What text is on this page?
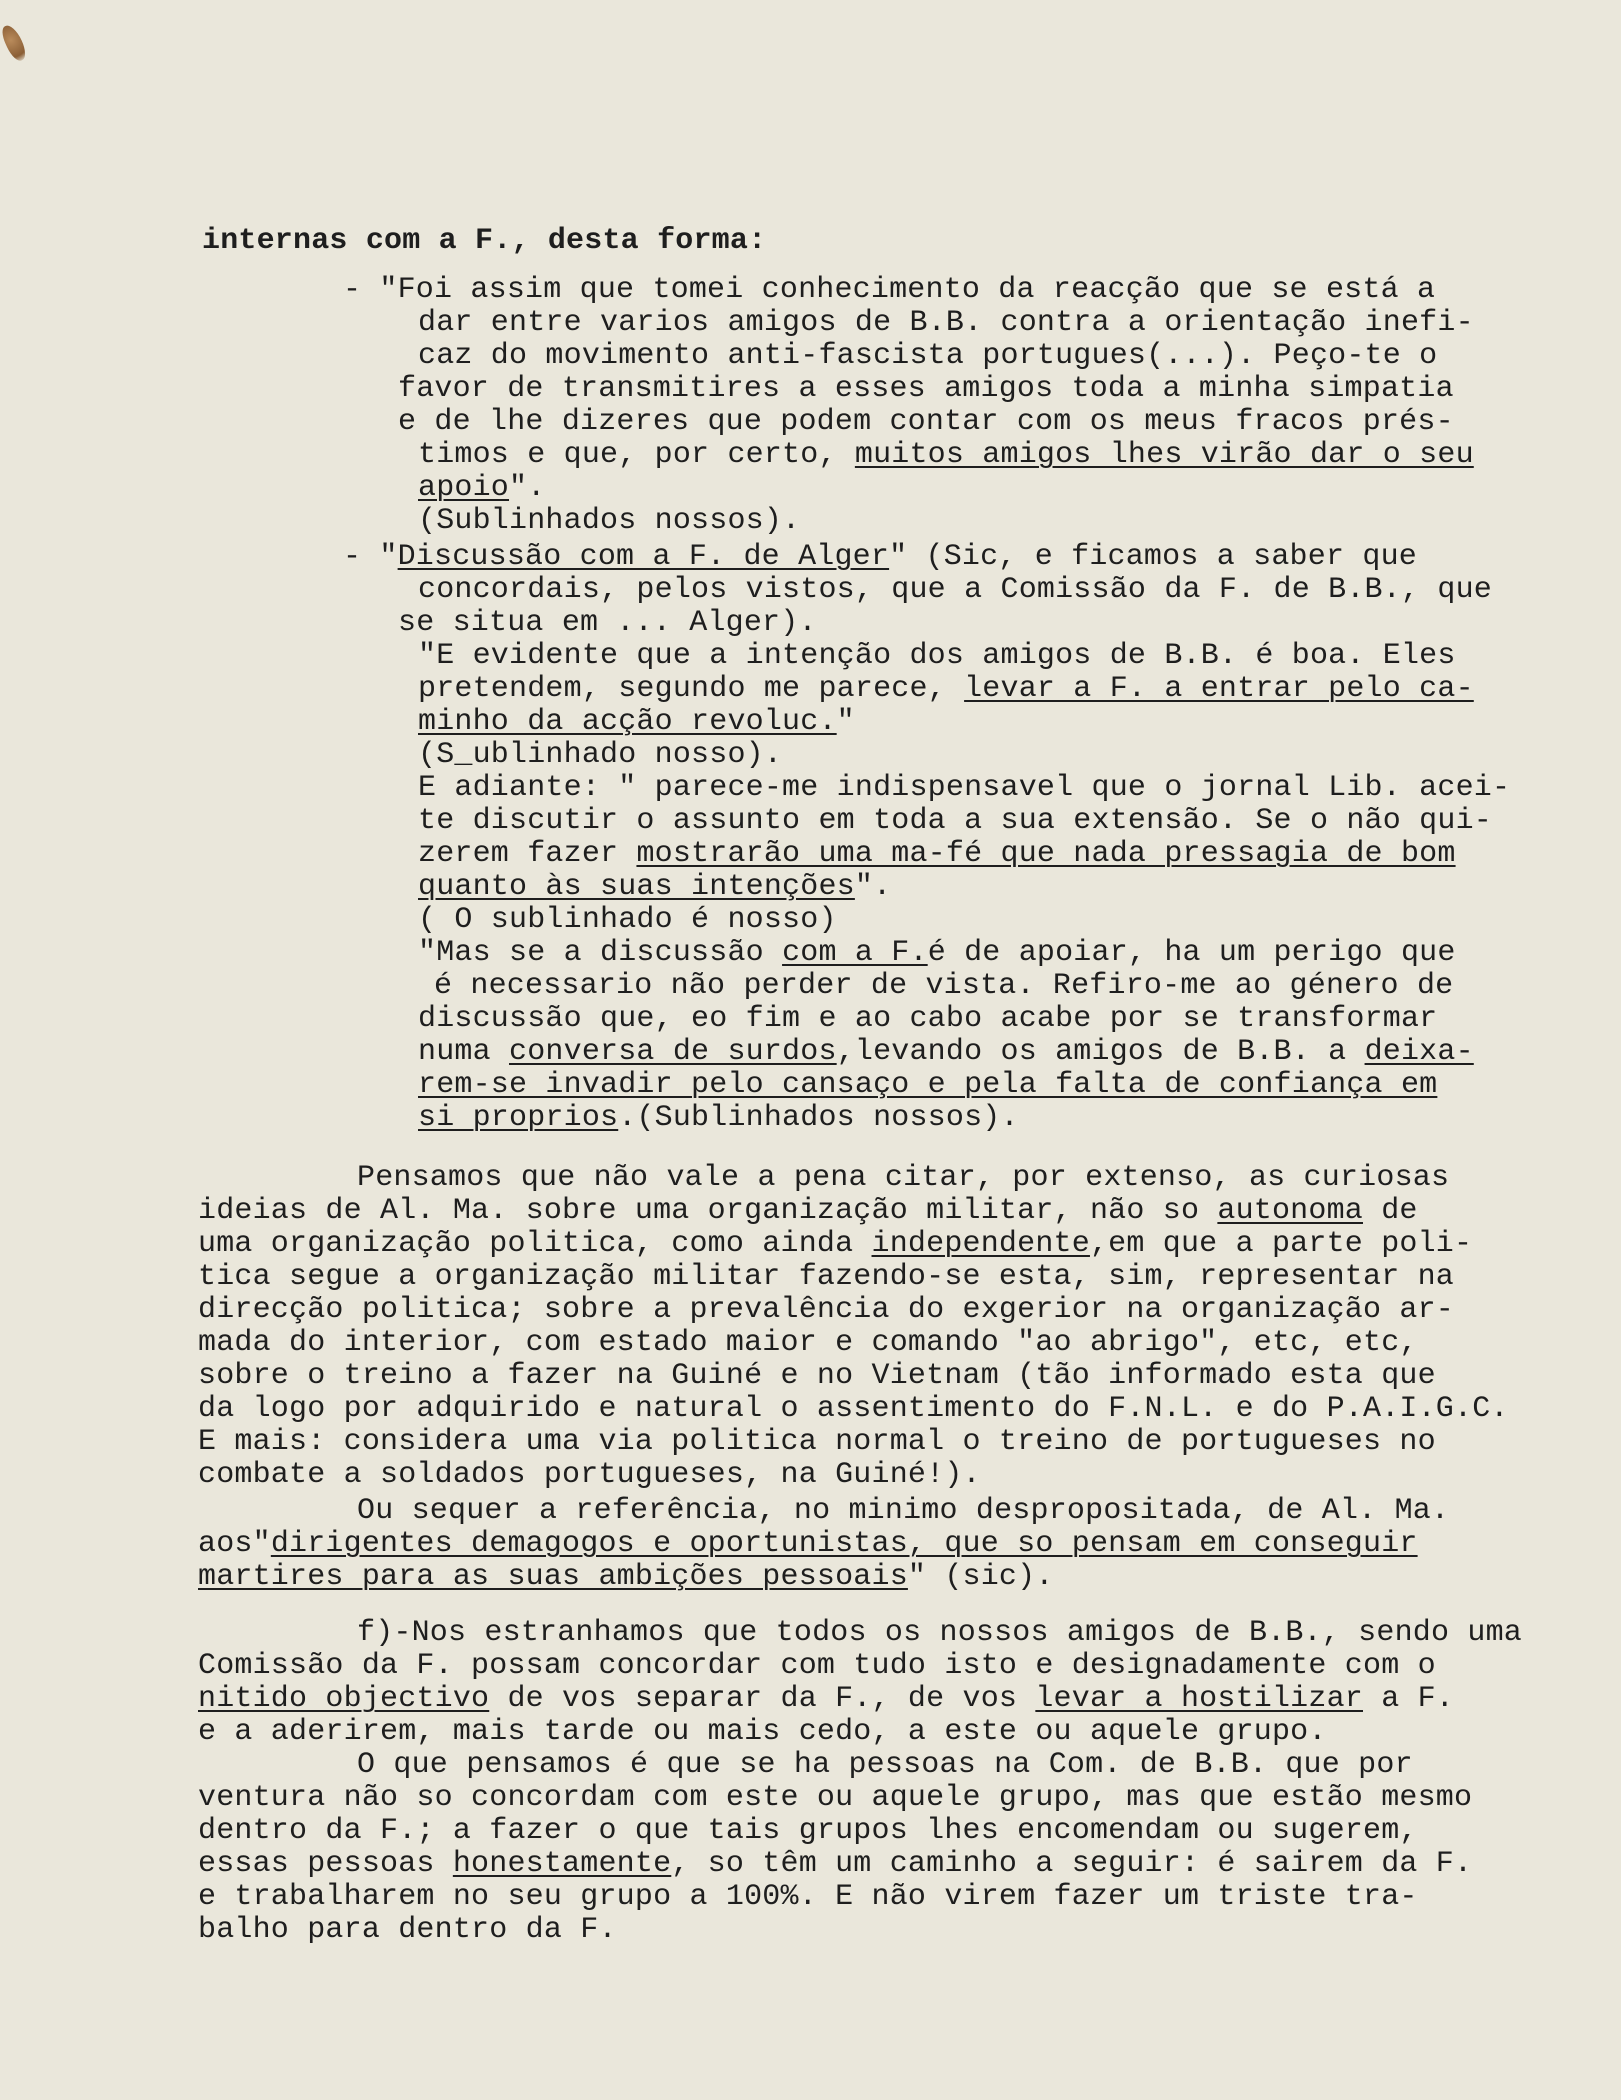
internas com a F., desta forma:
- "Foi assim que tomei conhecimento da reacção que se está a
dar entre varios amigos de B.B. contra a orientação inefi-
caz do movimento anti-fascista portugues(...). Peço-te o
favor de transmitires a esses amigos toda a minha simpatia
e de lhe dizeres que podem contar com os meus fracos prés-
timos e que, por certo, muitos amigos lhes virão dar o seu
apoio".
(Sublinhados nossos).
- "Discussão com a F. de Alger" (Sic, e ficamos a saber que
concordais, pelos vistos, que a Comissão da F. de B.B., que
se situa em ... Alger).
"E evidente que a intenção dos amigos de B.B. é boa. Eles
pretendem, segundo me parece, levar a F. a entrar pelo ca-
minho da acção revoluc."
(S_ublinhado nosso).
E adiante: " parece-me indispensavel que o jornal Lib. acei-
te discutir o assunto em toda a sua extensão. Se o não qui-
zerem fazer mostrarão uma ma-fé que nada pressagia de bom
quanto às suas intenções".
( O sublinhado é nosso)
"Mas se a discussão com a F.é de apoiar, ha um perigo que
é necessario não perder de vista. Refiro-me ao género de
discussão que, eo fim e ao cabo acabe por se transformar
numa conversa de surdos,levando os amigos de B.B. a deixa-
rem-se invadir pelo cansaço e pela falta de confiança em
si proprios.(Sublinhados nossos).
Pensamos que não vale a pena citar, por extenso, as curiosas
ideias de Al. Ma. sobre uma organização militar, não so autonoma de
uma organização politica, como ainda independente,em que a parte poli-
tica segue a organização militar fazendo-se esta, sim, representar na
direcção politica; sobre a prevalência do exgerior na organização ar-
mada do interior, com estado maior e comando "ao abrigo", etc, etc,
sobre o treino a fazer na Guiné e no Vietnam (tão informado esta que
da logo por adquirido e natural o assentimento do F.N.L. e do P.A.I.G.C.
E mais: considera uma via politica normal o treino de portugueses no
combate a soldados portugueses, na Guiné!).
Ou sequer a referência, no minimo despropositada, de Al. Ma.
aos"dirigentes demagogos e oportunistas, que so pensam em conseguir
martires para as suas ambições pessoais" (sic).
f)-Nos estranhamos que todos os nossos amigos de B.B., sendo uma
Comissão da F. possam concordar com tudo isto e designadamente com o
nitido objectivo de vos separar da F., de vos levar a hostilizar a F.
e a aderirem, mais tarde ou mais cedo, a este ou aquele grupo.
O que pensamos é que se ha pessoas na Com. de B.B. que por
ventura não so concordam com este ou aquele grupo, mas que estão mesmo
dentro da F.; a fazer o que tais grupos lhes encomendam ou sugerem,
essas pessoas honestamente, so têm um caminho a seguir: é sairem da F.
e trabalharem no seu grupo a 100%. E não virem fazer um triste tra-
balho para dentro da F.
